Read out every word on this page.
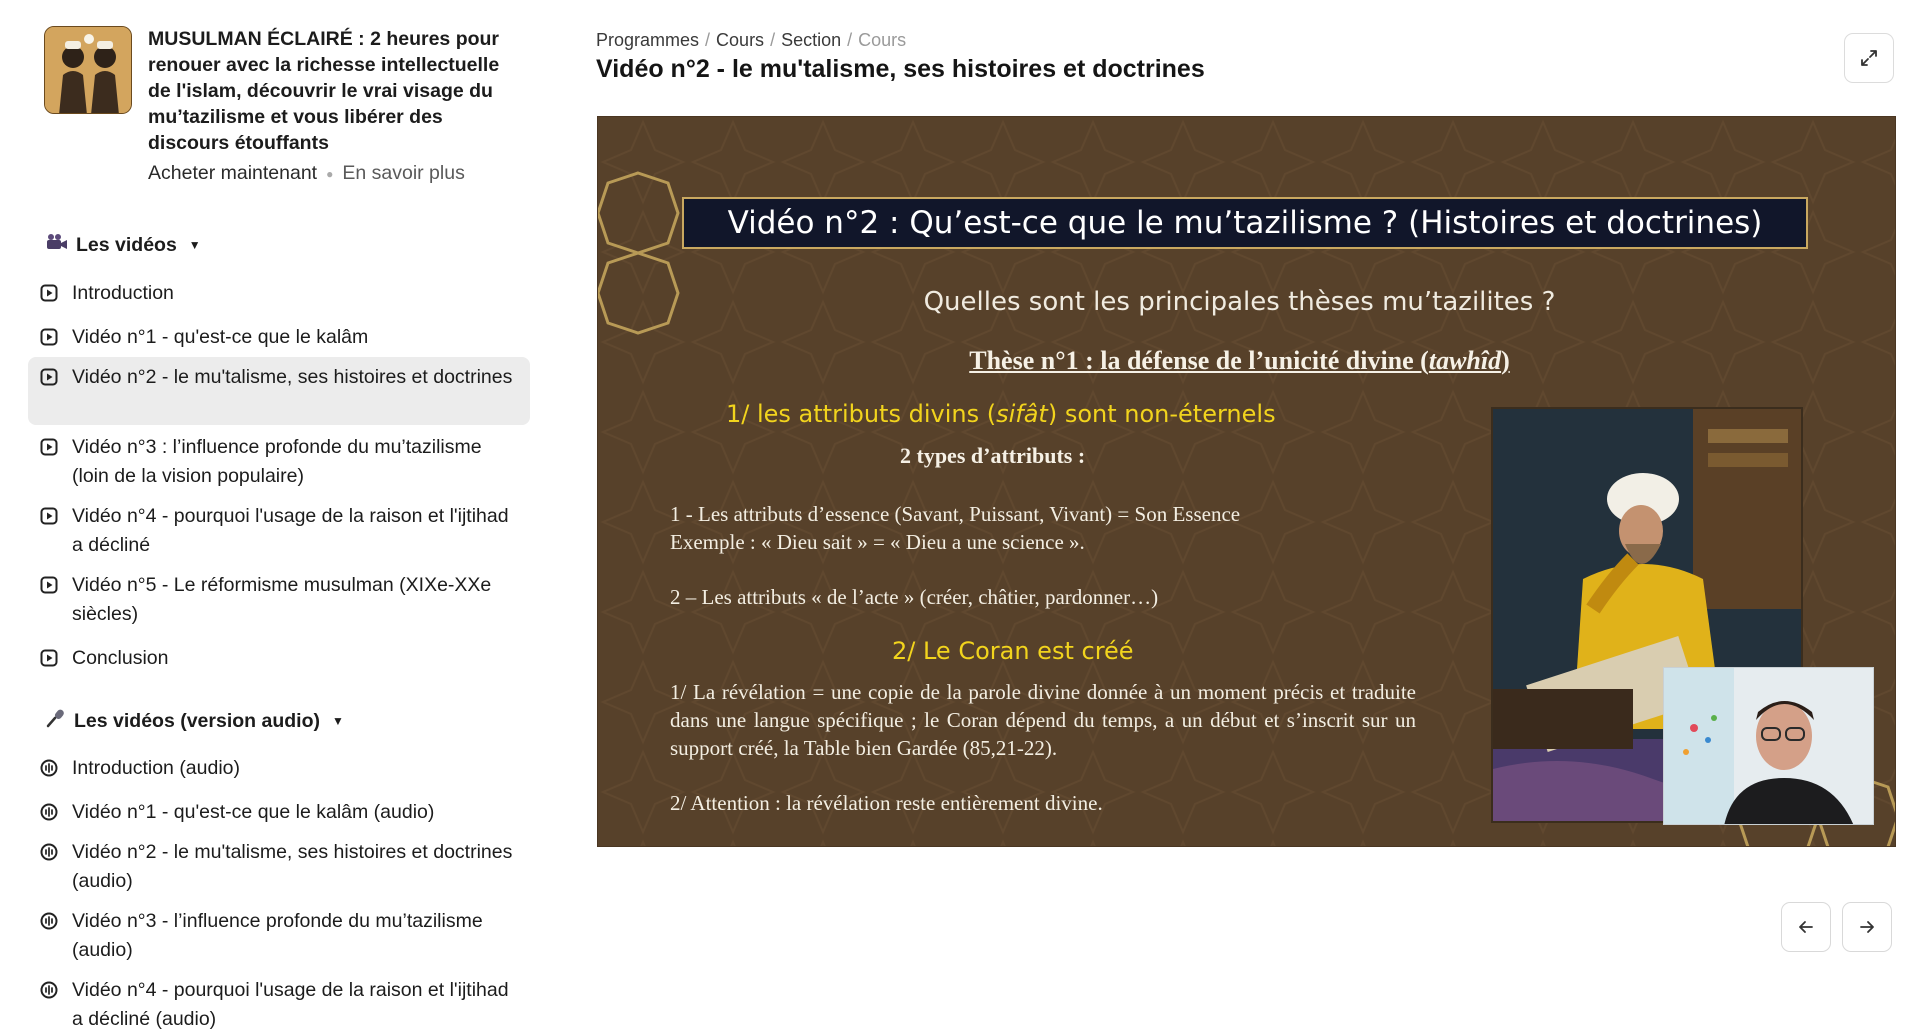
MUSULMAN ÉCLAIRÉ : 2 heures pour renouer avec la richesse intellectuelle de l'islam, découvrir le vrai visage du mu’tazilisme et vous libérer des discours étouffants
Acheter maintenant ● En savoir plus
Les vidéos ▼
Introduction
Vidéo n°1 - qu'est-ce que le kalâm
Vidéo n°2 - le mu'talisme, ses histoires et doctrines
Vidéo n°3 : l’influence profonde du mu’tazilisme (loin de la vision populaire)
Vidéo n°4 - pourquoi l'usage de la raison et l'ijtihad a décliné
Vidéo n°5 - Le réformisme musulman (XIXe-XXe siècles)
Conclusion
Les vidéos (version audio) ▼
Introduction (audio)
Vidéo n°1 - qu'est-ce que le kalâm (audio)
Vidéo n°2 - le mu'talisme, ses histoires et doctrines (audio)
Vidéo n°3 - l’influence profonde du mu’tazilisme (audio)
Vidéo n°4 - pourquoi l'usage de la raison et l'ijtihad a décliné (audio)
Programmes / Cours / Section / Cours
Vidéo n°2 - le mu'talisme, ses histoires et doctrines
Vidéo n°2 : Qu’est-ce que le mu’tazilisme ? (Histoires et doctrines)
Quelles sont les principales thèses mu’tazilites ?
Thèse n°1 : la défense de l’unicité divine (tawhîd)
1/ les attributs divins (sifât) sont non-éternels
2 types d’attributs :
1 - Les attributs d’essence (Savant, Puissant, Vivant) = Son Essence
Exemple : « Dieu sait » = « Dieu a une science ».
2 – Les attributs « de l’acte » (créer, châtier, pardonner…)
2/ Le Coran est créé
1/ La révélation = une copie de la parole divine donnée à un moment précis et traduite dans une langue spécifique ; le Coran dépend du temps, a un début et s’inscrit sur un support créé, la Table bien Gardée (85,21-22).
2/ Attention : la révélation reste entièrement divine.
